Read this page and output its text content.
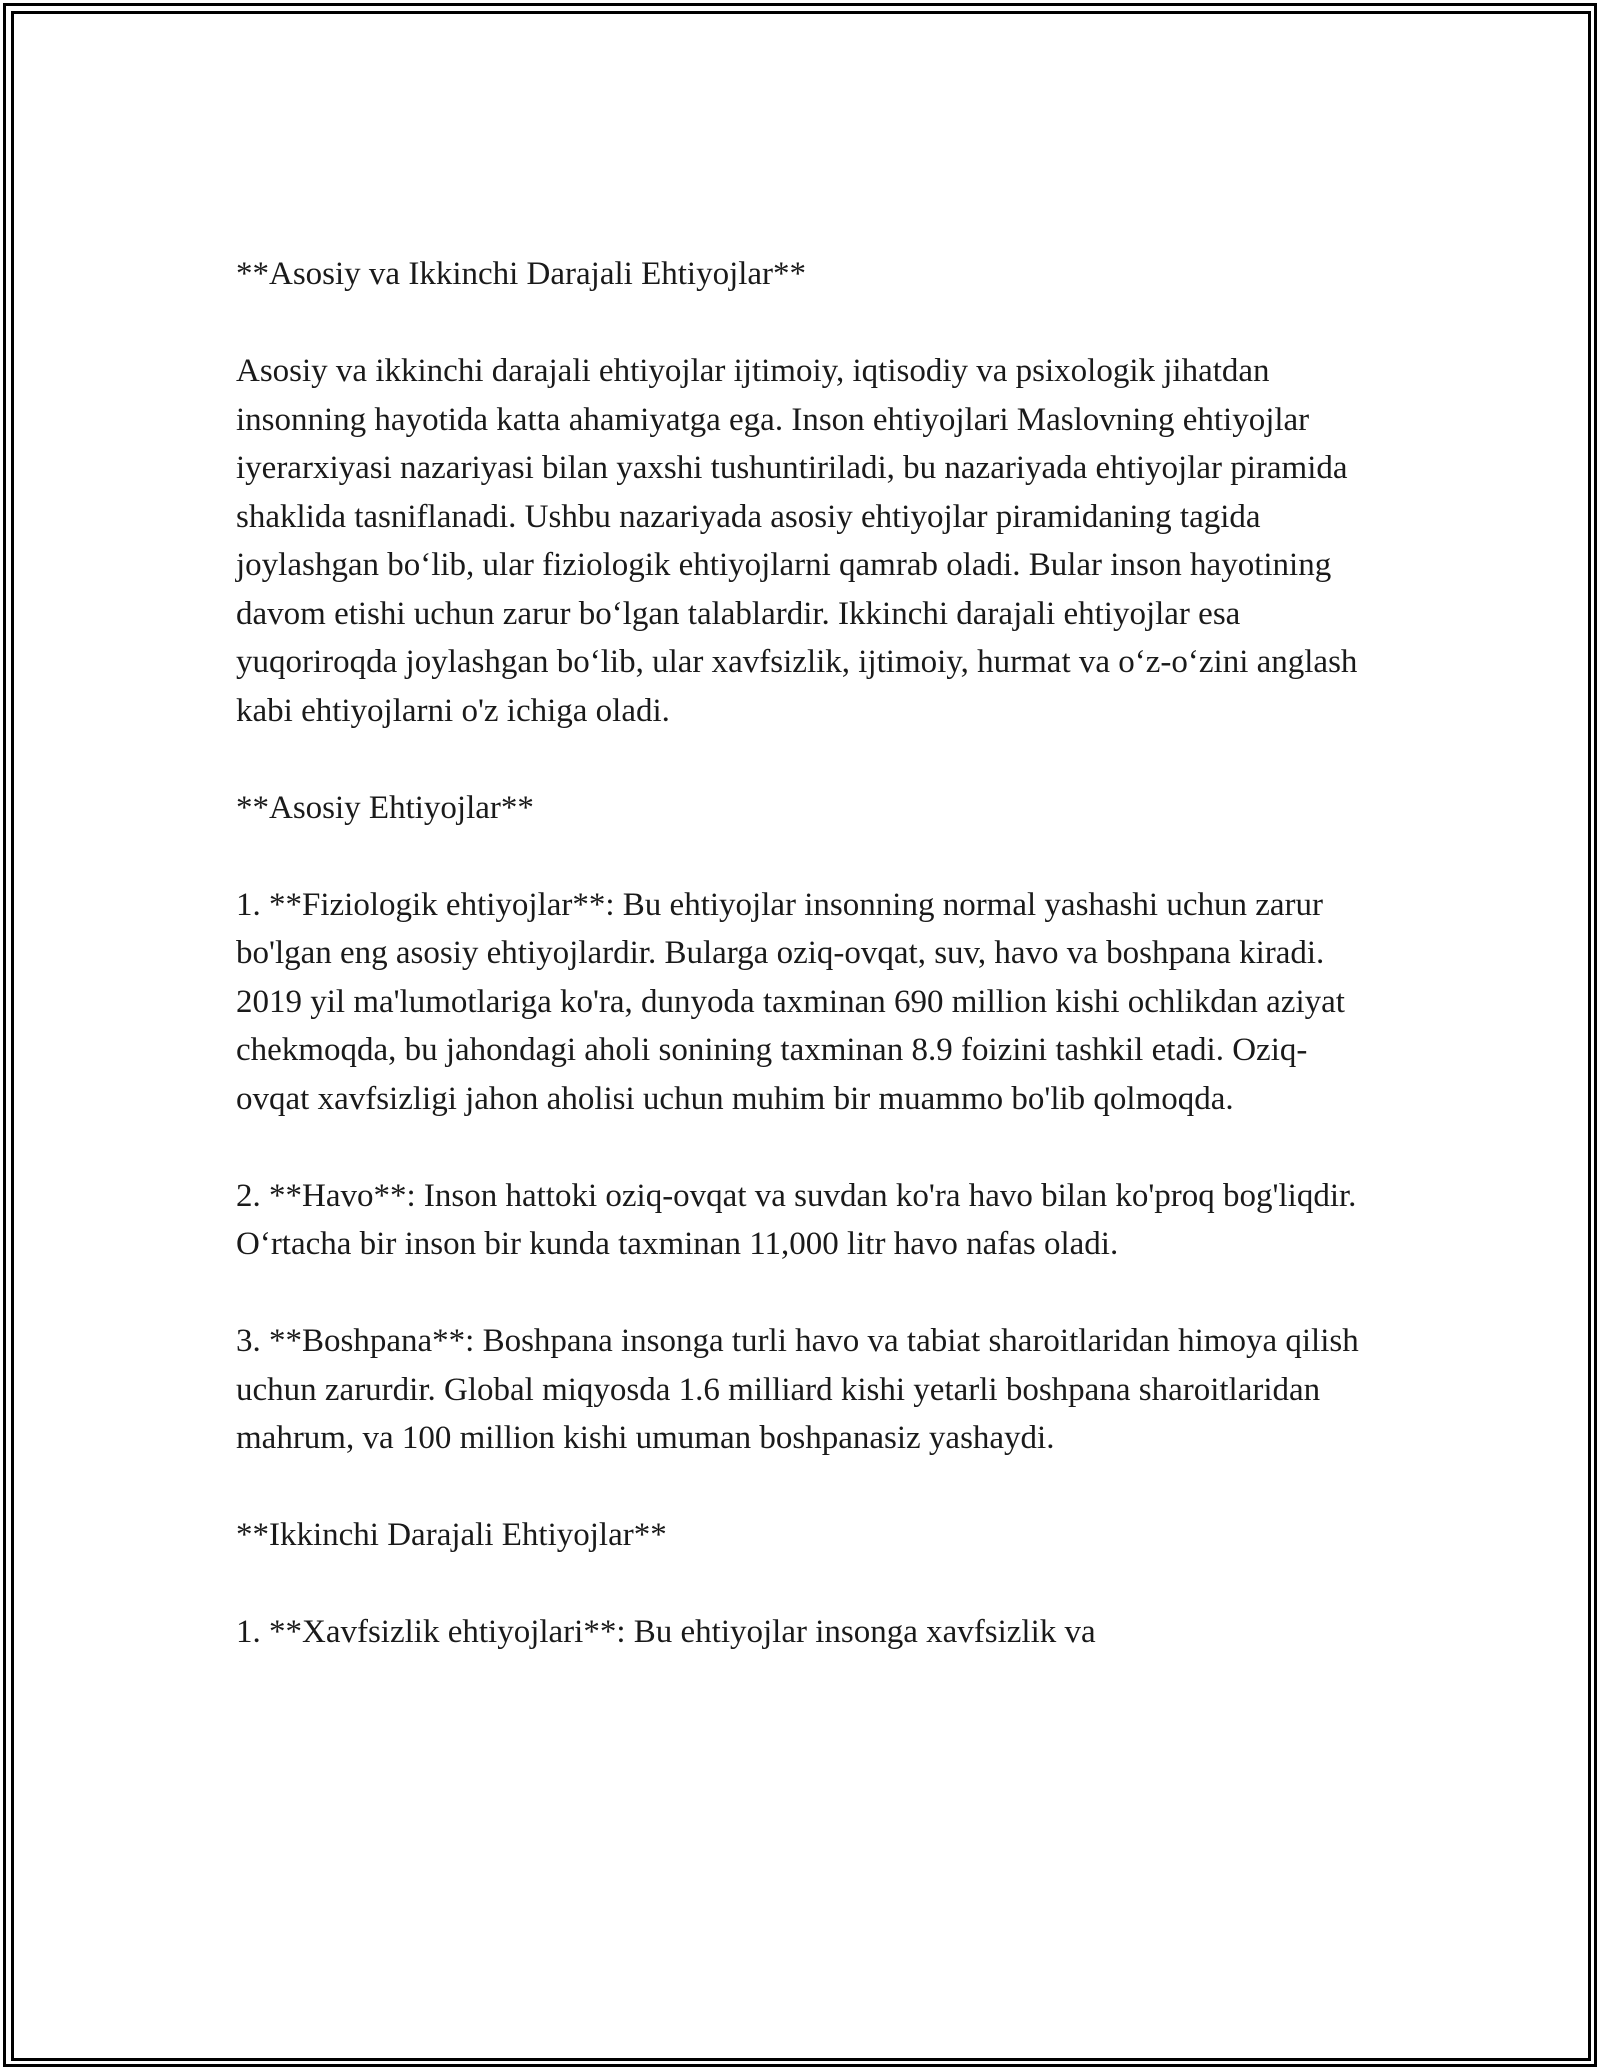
**Asosiy va Ikkinchi Darajali Ehtiyojlar**

Asosiy va ikkinchi darajali ehtiyojlar ijtimoiy, iqtisodiy va psixologik jihatdan insonning hayotida katta ahamiyatga ega. Inson ehtiyojlari Maslovning ehtiyojlar iyerarxiyasi nazariyasi bilan yaxshi tushuntiriladi, bu nazariyada ehtiyojlar piramida shaklida tasniflanadi. Ushbu nazariyada asosiy ehtiyojlar piramidaning tagida joylashgan bo‘lib, ular fiziologik ehtiyojlarni qamrab oladi. Bular inson hayotining davom etishi uchun zarur bo‘lgan talablardir. Ikkinchi darajali ehtiyojlar esa yuqoriroqda joylashgan bo‘lib, ular xavfsizlik, ijtimoiy, hurmat va o‘z-o‘zini anglash kabi ehtiyojlarni o'z ichiga oladi.

**Asosiy Ehtiyojlar**

1. **Fiziologik ehtiyojlar**: Bu ehtiyojlar insonning normal yashashi uchun zarur bo'lgan eng asosiy ehtiyojlardir. Bularga oziq-ovqat, suv, havo va boshpana kiradi. 2019 yil ma'lumotlariga ko'ra, dunyoda taxminan 690 million kishi ochlikdan aziyat chekmoqda, bu jahondagi aholi sonining taxminan 8.9 foizini tashkil etadi. Oziq-ovqat xavfsizligi jahon aholisi uchun muhim bir muammo bo'lib qolmoqda.

2. **Havo**: Inson hattoki oziq-ovqat va suvdan ko'ra havo bilan ko'proq bog'liqdir. O‘rtacha bir inson bir kunda taxminan 11,000 litr havo nafas oladi.

3. **Boshpana**: Boshpana insonga turli havo va tabiat sharoitlaridan himoya qilish uchun zarurdir. Global miqyosda 1.6 milliard kishi yetarli boshpana sharoitlaridan mahrum, va 100 million kishi umuman boshpanasiz yashaydi.

**Ikkinchi Darajali Ehtiyojlar**

1. **Xavfsizlik ehtiyojlari**: Bu ehtiyojlar insonga xavfsizlik va
